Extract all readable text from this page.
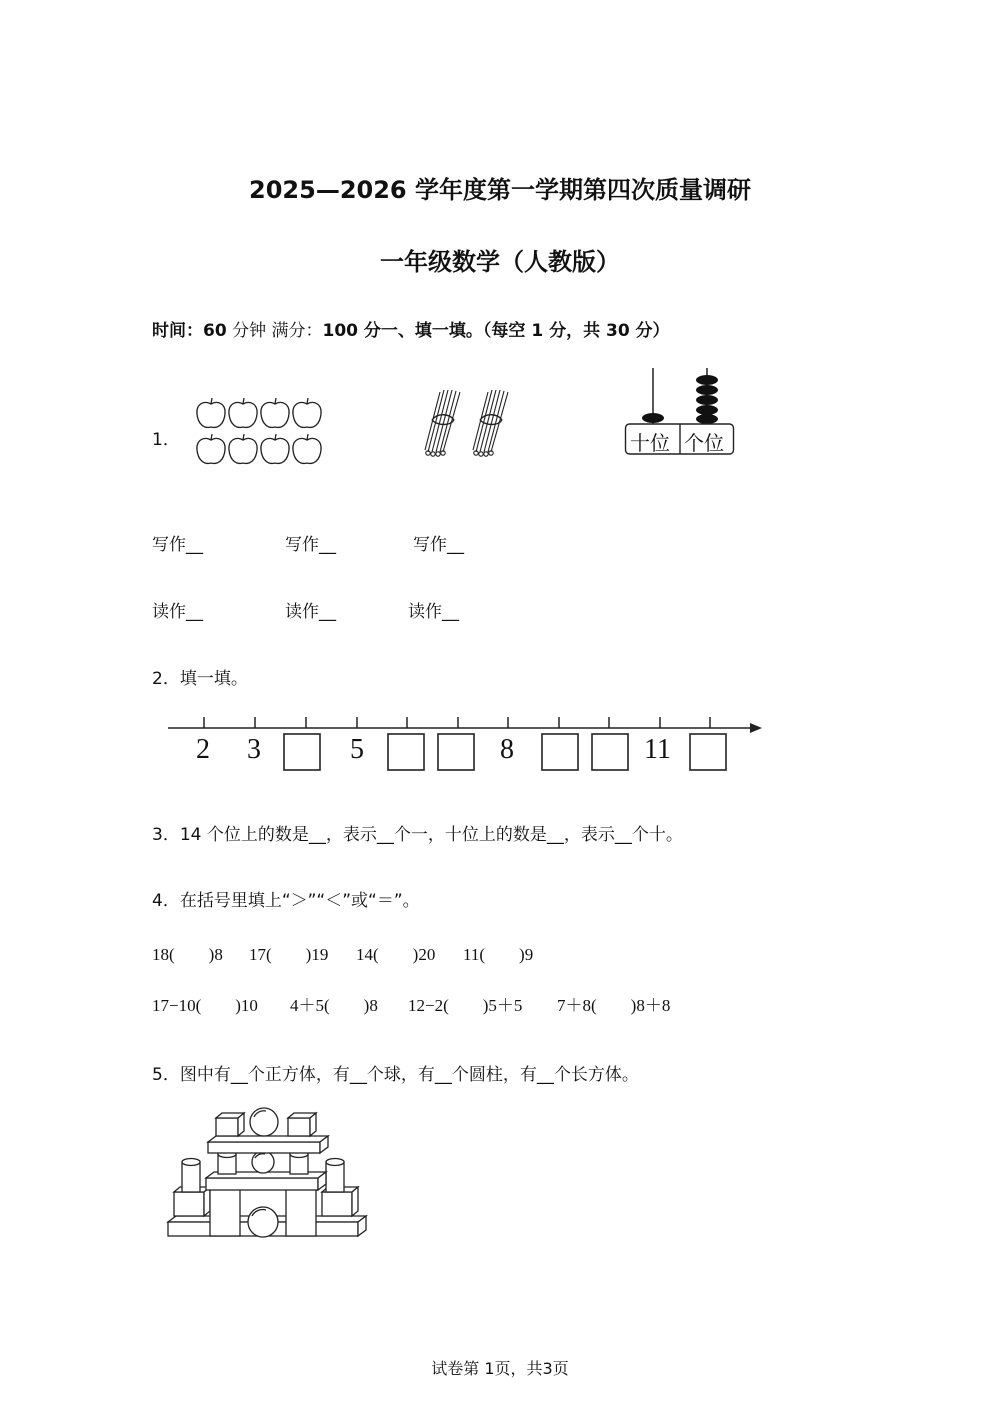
2025—2026 学年度第一学期第四次质量调研
一年级数学（人教版）
时间：60 分钟 满分：100 分一、填一填。（每空 1 分，共 30 分）
1．	十位 个位
写作__	写作__	写作__
读作__	读作__	读作__
2．填一填。
2 3	5	8	11
3．14 个位上的数是__，表示__个一，十位上的数是__，表示__个十。
4．在括号里填上“＞”“＜”或“＝”。
18(　　)8 17(　　)19 14(　　)20 11(　　)9
17−10(　　)10 4＋5(　　)8 12−2(　　)5＋5 7＋8(　　)8＋8
5．图中有__个正方体，有__个球，有__个圆柱，有__个长方体。
试卷第 1页，共3页
